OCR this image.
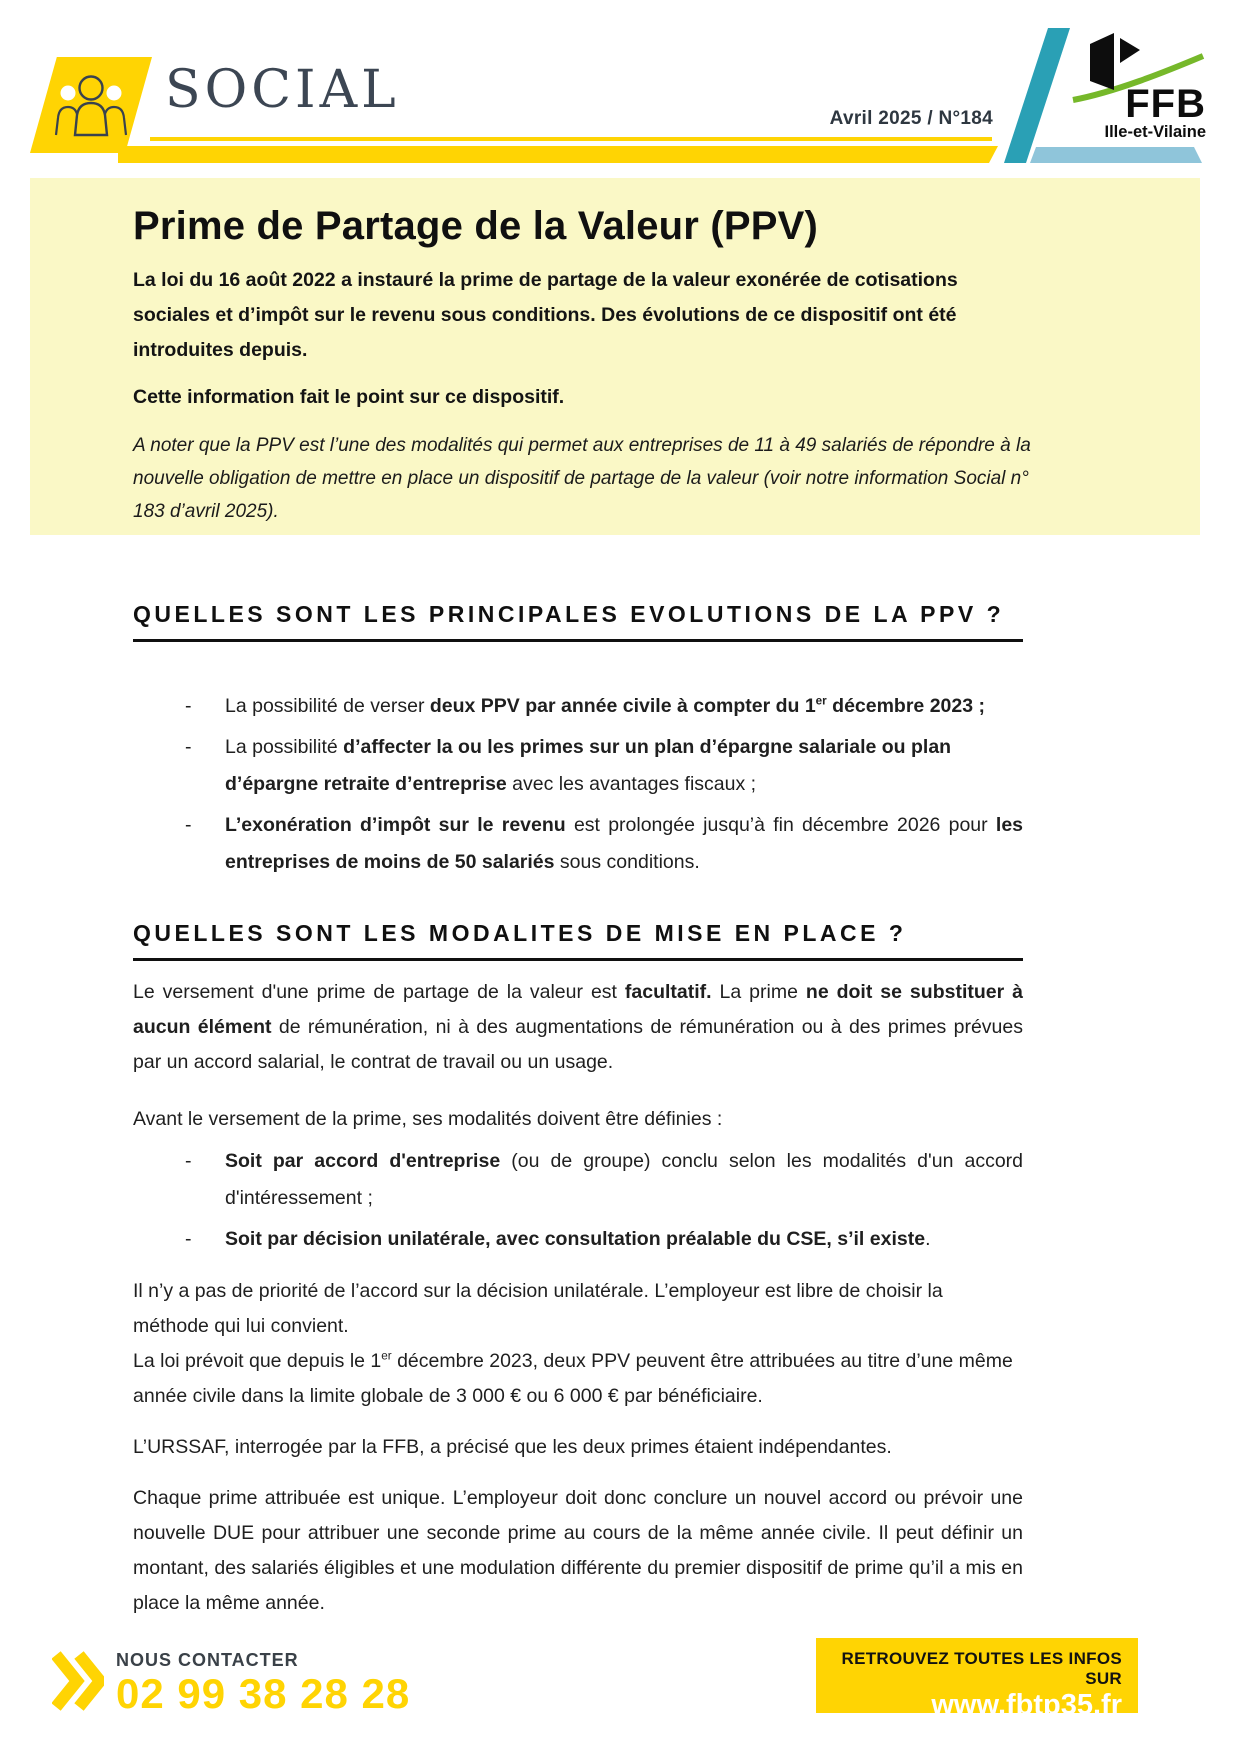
SOCIAL	Avril 2025 / N°184	FFB
Ille-et-Vilaine
Prime de Partage de la Valeur (PPV)

La loi du 16 août 2022 a instauré la prime de partage de la valeur exonérée de cotisations sociales et d’impôt sur le revenu sous conditions. Des évolutions de ce dispositif ont été introduites depuis.

Cette information fait le point sur ce dispositif.

A noter que la PPV est l’une des modalités qui permet aux entreprises de 11 à 49 salariés de répondre à la nouvelle obligation de mettre en place un dispositif de partage de la valeur (voir notre information Social n° 183 d’avril 2025).

QUELLES SONT LES PRINCIPALES EVOLUTIONS DE LA PPV ?
-	La possibilité de verser deux PPV par année civile à compter du 1er décembre 2023 ;
-	La possibilité d’affecter la ou les primes sur un plan d’épargne salariale ou plan d’épargne retraite d’entreprise avec les avantages fiscaux ;
-	L’exonération d’impôt sur le revenu est prolongée jusqu’à fin décembre 2026 pour les entreprises de moins de 50 salariés sous conditions.
QUELLES SONT LES MODALITES DE MISE EN PLACE ?

Le versement d'une prime de partage de la valeur est facultatif. La prime ne doit se substituer à aucun élément de rémunération, ni à des augmentations de rémunération ou à des primes prévues par un accord salarial, le contrat de travail ou un usage.

Avant le versement de la prime, ses modalités doivent être définies :

-	Soit par accord d'entreprise (ou de groupe) conclu selon les modalités d'un accord d'intéressement ;
-	Soit par décision unilatérale, avec consultation préalable du CSE, s’il existe.

Il n’y a pas de priorité de l’accord sur la décision unilatérale. L’employeur est libre de choisir la méthode qui lui convient.

La loi prévoit que depuis le 1er décembre 2023, deux PPV peuvent être attribuées au titre d’une même année civile dans la limite globale de 3 000 € ou 6 000 € par bénéficiaire.

L’URSSAF, interrogée par la FFB, a précisé que les deux primes étaient indépendantes.

Chaque prime attribuée est unique. L’employeur doit donc conclure un nouvel accord ou prévoir une nouvelle DUE pour attribuer une seconde prime au cours de la même année civile. Il peut définir un montant, des salariés éligibles et une modulation différente du premier dispositif de prime qu’il a mis en place la même année.

NOUS CONTACTER
02 99 38 28 28
RETROUVEZ TOUTES LES INFOS SUR
www.fbtp35.fr
